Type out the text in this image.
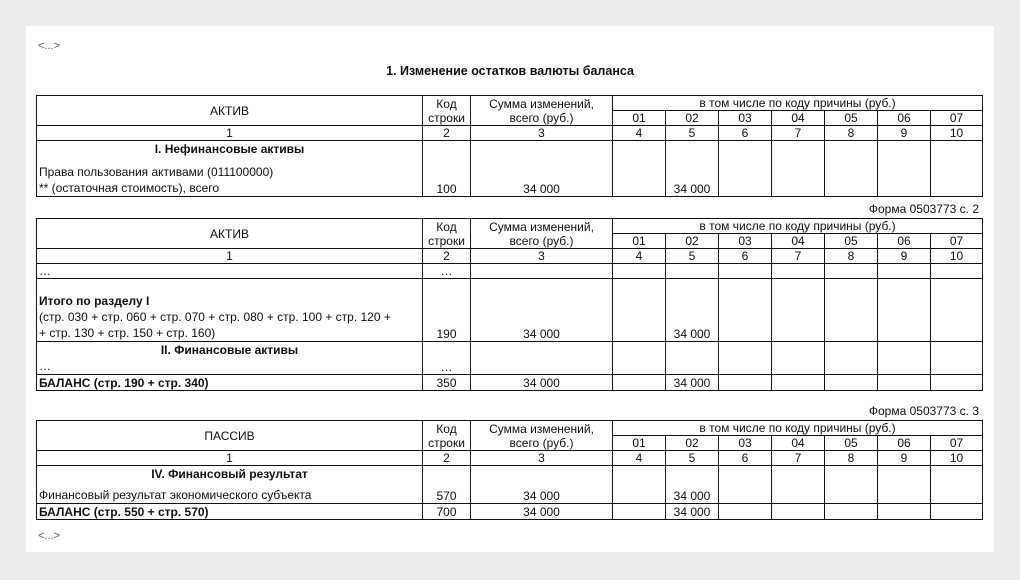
<...>
1. Изменение остатков валюты баланса
АКТИВ	Код строки	Сумма изменений, всего (руб.)	в том числе по коду причины (руб.)						
			01	02	03	04	05	06	07
1	2	3	4	5	6	7	8	9	10

I. Нефинансовые активы
Права пользования активами (011100000)
** (остаточная стоимость), всего	100	34 000		34 000					
Форма 0503773 с. 2
АКТИВ	Код строки	Сумма изменений, всего (руб.)	в том числе по коду причины (руб.)						
			01	02	03	04	05	06	07
1	2	3	4	5	6	7	8	9	10
…	…								

Итого по разделу I
(стр. 030 + стр. 060 + стр. 070 + стр. 080 + стр. 100 + стр. 120 +
+ стр. 130 + стр. 150 + стр. 160)	190	34 000		34 000					

II. Финансовые активы
…	…								
БАЛАНС (стр. 190 + стр. 340)	350	34 000		34 000					
Форма 0503773 с. 3
ПАССИВ	Код строки	Сумма изменений, всего (руб.)	в том числе по коду причины (руб.)						
			01	02	03	04	05	06	07
1	2	3	4	5	6	7	8	9	10

IV. Финансовый результат
Финансовый результат экономического субъекта	570	34 000		34 000					
БАЛАНС (стр. 550 + стр. 570)	700	34 000		34 000					
<...>
